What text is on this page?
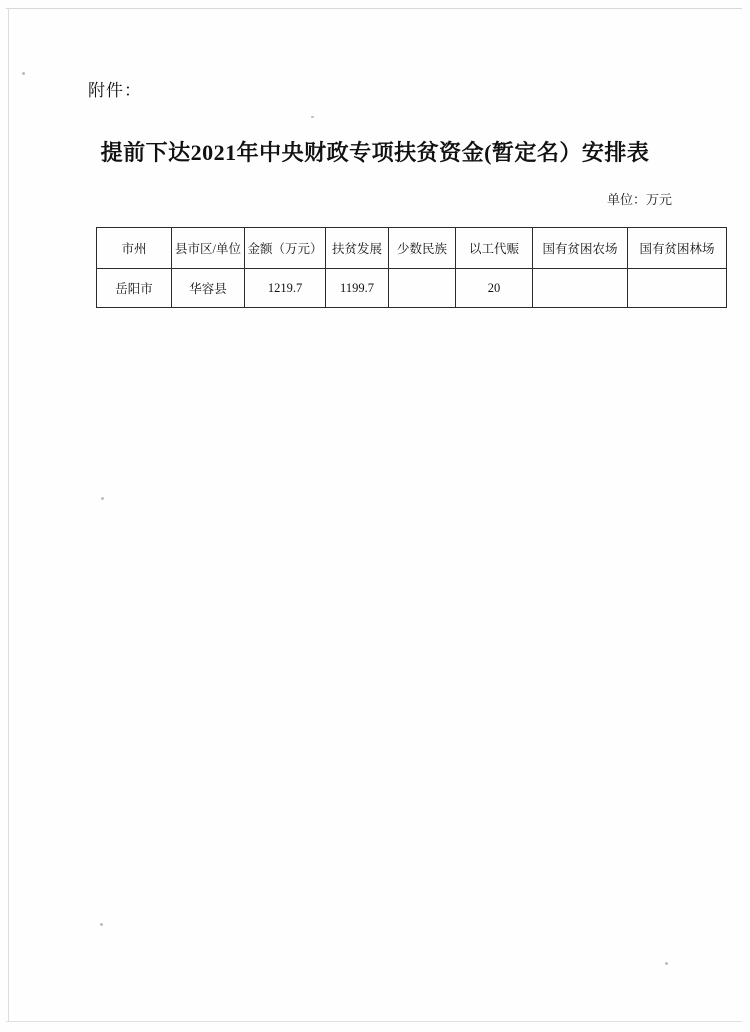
附件：
提前下达2021年中央财政专项扶贫资金(暂定名）安排表
单位：万元
市州	县市区/单位	金额（万元）	扶贫发展	少数民族	以工代赈	国有贫困农场	国有贫困林场
岳阳市	华容县	1219.7	1199.7		20		
